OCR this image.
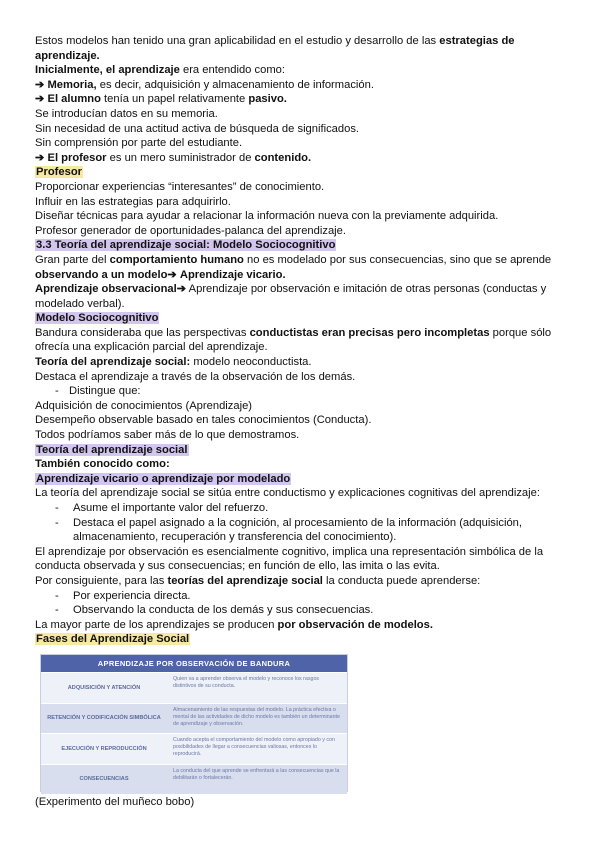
Estos modelos han tenido una gran aplicabilidad en el estudio y desarrollo de las estrategias de aprendizaje.

Inicialmente, el aprendizaje era entendido como:

➔ Memoria, es decir, adquisición y almacenamiento de información.

➔ El alumno tenía un papel relativamente pasivo.

Se introducían datos en su memoria.

Sin necesidad de una actitud activa de búsqueda de significados.

Sin comprensión por parte del estudiante.

➔ El profesor es un mero suministrador de contenido.

Profesor

Proporcionar experiencias “interesantes” de conocimiento.

Influir en las estrategias para adquirirlo.

Diseñar técnicas para ayudar a relacionar la información nueva con la previamente adquirida.

Profesor generador de oportunidades-palanca del aprendizaje.

3.3 Teoría del aprendizaje social: Modelo Sociocognitivo

Gran parte del comportamiento humano no es modelado por sus consecuencias, sino que se aprende observando a un modelo➔ Aprendizaje vicario.

Aprendizaje observacional➔ Aprendizaje por observación e imitación de otras personas (conductas y modelado verbal).

Modelo Sociocognitivo

Bandura consideraba que las perspectivas conductistas eran precisas pero incompletas porque sólo ofrecía una explicación parcial del aprendizaje.

Teoría del aprendizaje social: modelo neoconductista.

Destaca el aprendizaje a través de la observación de los demás.

- Distingue que:

Adquisición de conocimientos (Aprendizaje)

Desempeño observable basado en tales conocimientos (Conducta).

Todos podríamos saber más de lo que demostramos.

Teoría del aprendizaje social

También conocido como:

Aprendizaje vicario o aprendizaje por modelado

La teoría del aprendizaje social se sitúa entre conductismo y explicaciones cognitivas del aprendizaje:

-	Asume el importante valor del refuerzo.

-	Destaca el papel asignado a la cognición, al procesamiento de la información (adquisición, almacenamiento, recuperación y transferencia del conocimiento).

El aprendizaje por observación es esencialmente cognitivo, implica una representación simbólica de la conducta observada y sus consecuencias; en función de ello, las imita o las evita.

Por consiguiente, para las teorías del aprendizaje social la conducta puede aprenderse:

-	Por experiencia directa.

-	Observando la conducta de los demás y sus consecuencias.

La mayor parte de los aprendizajes se producen por observación de modelos.

Fases del Aprendizaje Social

APRENDIZAJE POR OBSERVACIÓN DE BANDURA
ADQUISICIÓN Y ATENCIÓN
Quien va a aprender observa el modelo y reconoce los rasgos distintivos de su conducta.
RETENCIÓN Y CODIFICACIÓN SIMBÓLICA
Almacenamiento de las respuestas del modelo. La práctica efectiva o mental de las actividades de dicho modelo es también un determinante de aprendizaje y observación.
EJECUCIÓN Y REPRODUCCIÓN
Cuando acepta el comportamiento del modelo como apropiado y con posibilidades de llegar a consecuencias valiosas, entonces lo reproducirá.
CONSECUENCIAS
La conducta del que aprende se enfrentará a las consecuencias que la debilitarán o fortalecerán.
(Experimento del muñeco bobo)
